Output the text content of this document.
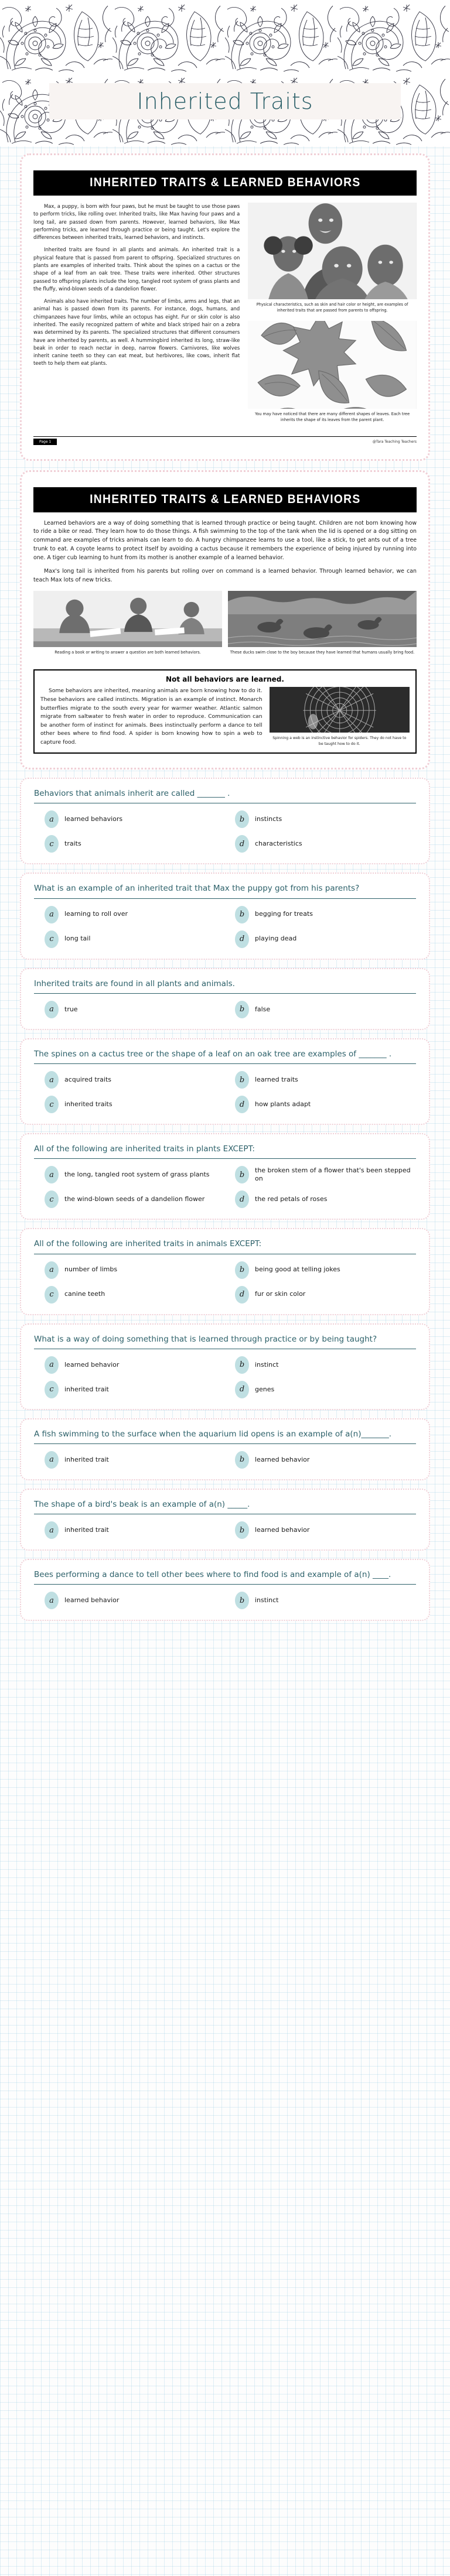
Inherited Traits
INHERITED TRAITS & LEARNED BEHAVIORS

Max, a puppy, is born with four paws, but he must be taught to use those paws to perform tricks, like rolling over. Inherited traits, like Max having four paws and a long tail, are passed down from parents. However, learned behaviors, like Max performing tricks, are learned through practice or being taught. Let's explore the differences between inherited traits, learned behaviors, and instincts.

Inherited traits are found in all plants and animals. An inherited trait is a physical feature that is passed from parent to offspring. Specialized structures on plants are examples of inherited traits. Think about the spines on a cactus or the shape of a leaf from an oak tree. These traits were inherited. Other structures passed to offspring plants include the long, tangled root system of grass plants and the fluffy, wind-blown seeds of a dandelion flower.

Animals also have inherited traits. The number of limbs, arms and legs, that an animal has is passed down from its parents. For instance, dogs, humans, and chimpanzees have four limbs, while an octopus has eight. Fur or skin color is also inherited. The easily recognized pattern of white and black striped hair on a zebra was determined by its parents. The specialized structures that different consumers have are inherited by parents, as well. A hummingbird inherited its long, straw-like beak in order to reach nectar in deep, narrow flowers. Carnivores, like wolves inherit canine teeth so they can eat meat, but herbivores, like cows, inherit flat teeth to help them eat plants.

Physical characteristics, such as skin and hair color or height, are examples of inherited traits that are passed from parents to offspring.
You may have noticed that there are many different shapes of leaves. Each tree inherits the shape of its leaves from the parent plant.
Page 1	@Tara Teaching Teachers
INHERITED TRAITS & LEARNED BEHAVIORS

Learned behaviors are a way of doing something that is learned through practice or being taught. Children are not born knowing how to ride a bike or read. They learn how to do those things. A fish swimming to the top of the tank when the lid is opened or a dog sitting on command are examples of tricks animals can learn to do. A hungry chimpanzee learns to use a tool, like a stick, to get ants out of a tree trunk to eat. A coyote learns to protect itself by avoiding a cactus because it remembers the experience of being injured by running into one. A tiger cub learning to hunt from its mother is another example of a learned behavior.

Max's long tail is inherited from his parents but rolling over on command is a learned behavior. Through learned behavior, we can teach Max lots of new tricks.

Reading a book or writing to answer a question are both learned behaviors.	These ducks swim close to the boy because they have learned that humans usually bring food.
Not all behaviors are learned.

Some behaviors are inherited, meaning animals are born knowing how to do it. These behaviors are called instincts. Migration is an example of instinct. Monarch butterflies migrate to the south every year for warmer weather. Atlantic salmon migrate from saltwater to fresh water in order to reproduce. Communication can be another form of instinct for animals. Bees instinctually perform a dance to tell other bees where to find food. A spider is born knowing how to spin a web to capture food.

Spinning a web is an instinctive behavior for spiders. They do not have to be taught how to do it.
Behaviors that animals inherit are called _______ .
a	learned behaviors	b	instincts
c	traits	d	characteristics
What is an example of an inherited trait that Max the puppy got from his parents?
a	learning to roll over	b	begging for treats
c	long tail	d	playing dead
Inherited traits are found in all plants and animals.
a	true	b	false
The spines on a cactus tree or the shape of a leaf on an oak tree are examples of _______ .
a	acquired traits	b	learned traits
c	inherited traits	d	how plants adapt
All of the following are inherited traits in plants EXCEPT:
a	the long, tangled root system of grass plants	b
the broken stem of a flower that's been stepped on
c	the wind-blown seeds of a dandelion flower	d	the red petals of roses
All of the following are inherited traits in animals EXCEPT:
a	number of limbs	b	being good at telling jokes
c	canine teeth	d	fur or skin color
What is a way of doing something that is learned through practice or by being taught?
a	learned behavior	b	instinct
c	inherited trait	d	genes
A fish swimming to the surface when the aquarium lid opens is an example of a(n)_______.
a	inherited trait	b	learned behavior
The shape of a bird's beak is an example of a(n) _____.
a	inherited trait	b	learned behavior
Bees performing a dance to tell other bees where to find food is and example of a(n) ____.
a	learned behavior	b	instinct
